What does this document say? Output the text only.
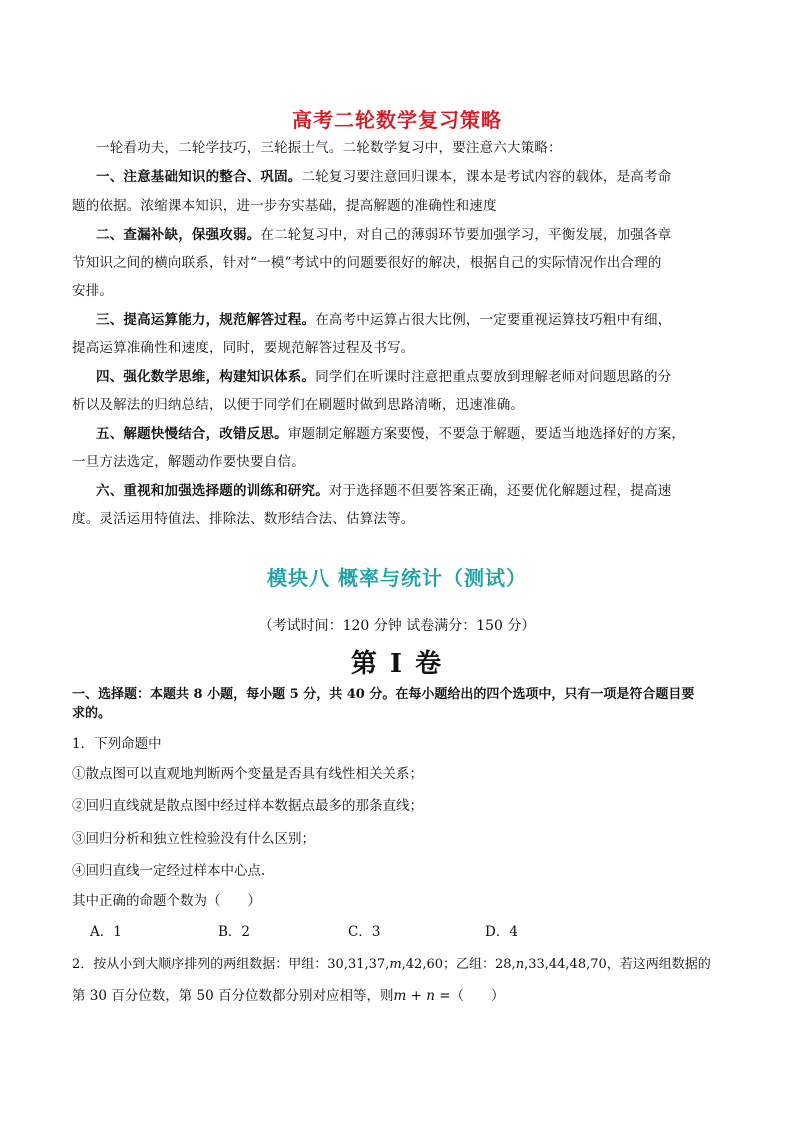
高考二轮数学复习策略
一轮看功夫，二轮学技巧，三轮振士气。二轮数学复习中，要注意六大策略：
一、注意基础知识的整合、巩固。二轮复习要注意回归课本，课本是考试内容的载体，是高考命
题的依据。浓缩课本知识，进一步夯实基础，提高解题的准确性和速度
二、查漏补缺，保强攻弱。在二轮复习中，对自己的薄弱环节要加强学习，平衡发展，加强各章
节知识之间的横向联系，针对“一模”考试中的问题要很好的解决，根据自己的实际情况作出合理的
安排。
三、提高运算能力，规范解答过程。在高考中运算占很大比例，一定要重视运算技巧粗中有细，
提高运算准确性和速度，同时，要规范解答过程及书写。
四、强化数学思维，构建知识体系。同学们在听课时注意把重点要放到理解老师对问题思路的分
析以及解法的归纳总结，以便于同学们在刷题时做到思路清晰，迅速准确。
五、解题快慢结合，改错反思。审题制定解题方案要慢，不要急于解题，要适当地选择好的方案，
一旦方法选定，解题动作要快要自信。
六、重视和加强选择题的训练和研究。对于选择题不但要答案正确，还要优化解题过程，提高速
度。灵活运用特值法、排除法、数形结合法、估算法等。
模块八 概率与统计（测试）
（考试时间：120 分钟 试卷满分：150 分）
第 I 卷
一、选择题：本题共 8 小题，每小题 5 分，共 40 分。在每小题给出的四个选项中，只有一项是符合题目要
求的。
1．下列命题中
①散点图可以直观地判断两个变量是否具有线性相关关系；
②回归直线就是散点图中经过样本数据点最多的那条直线；
③回归分析和独立性检验没有什么区别；
④回归直线一定经过样本中心点.
其中正确的命题个数为（　　）
A．1	B．2	C．3	D．4
2．按从小到大顺序排列的两组数据：甲组：30,31,37,m,42,60；乙组：28,n,33,44,48,70，若这两组数据的
第 30 百分位数，第 50 百分位数都分别对应相等，则m + n =（　　）
